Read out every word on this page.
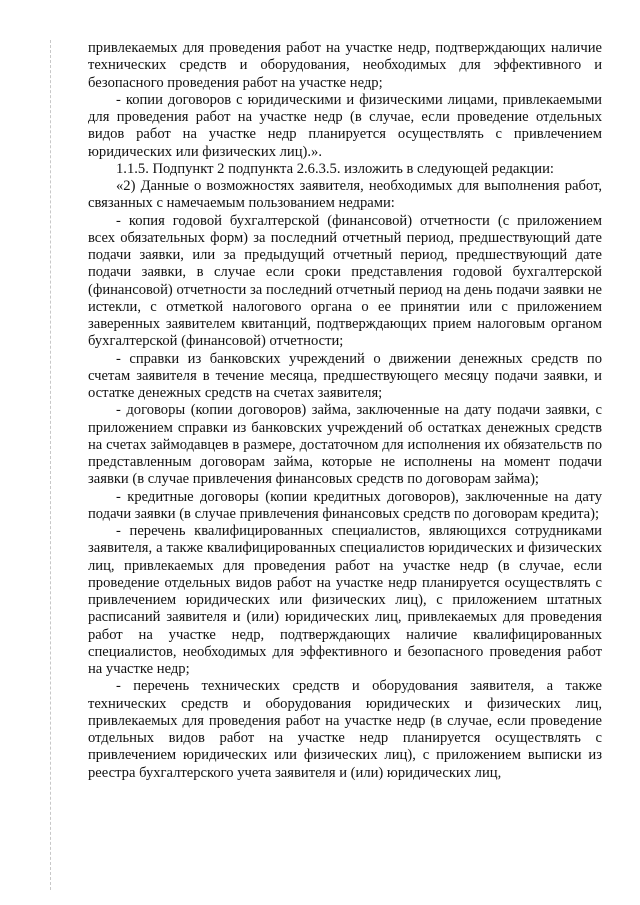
привлекаемых для проведения работ на участке недр, подтверждающих наличие технических средств и оборудования, необходимых для эффективного и безопасного проведения работ на участке недр;

- копии договоров с юридическими и физическими лицами, привлекаемыми для проведения работ на участке недр (в случае, если проведение отдельных видов работ на участке недр планируется осуществлять с привлечением юридических или физических лиц).».

1.1.5. Подпункт 2 подпункта 2.6.3.5. изложить в следующей редакции:

«2) Данные о возможностях заявителя, необходимых для выполнения работ, связанных с намечаемым пользованием недрами:

- копия годовой бухгалтерской (финансовой) отчетности (с приложением всех обязательных форм) за последний отчетный период, предшествующий дате подачи заявки, или за предыдущий отчетный период, предшествующий дате подачи заявки, в случае если сроки представления годовой бухгалтерской (финансовой) отчетности за последний отчетный период на день подачи заявки не истекли, с отметкой налогового органа о ее принятии или с приложением заверенных заявителем квитанций, подтверждающих прием налоговым органом бухгалтерской (финансовой) отчетности;

- справки из банковских учреждений о движении денежных средств по счетам заявителя в течение месяца, предшествующего месяцу подачи заявки, и остатке денежных средств на счетах заявителя;

- договоры (копии договоров) займа, заключенные на дату подачи заявки, с приложением справки из банковских учреждений об остатках денежных средств на счетах займодавцев в размере, достаточном для исполнения их обязательств по представленным договорам займа, которые не исполнены на момент подачи заявки (в случае привлечения финансовых средств по договорам займа);

- кредитные договоры (копии кредитных договоров), заключенные на дату подачи заявки (в случае привлечения финансовых средств по договорам кредита);

- перечень квалифицированных специалистов, являющихся сотрудниками заявителя, а также квалифицированных специалистов юридических и физических лиц, привлекаемых для проведения работ на участке недр (в случае, если проведение отдельных видов работ на участке недр планируется осуществлять с привлечением юридических или физических лиц), с приложением штатных расписаний заявителя и (или) юридических лиц, привлекаемых для проведения работ на участке недр, подтверждающих наличие квалифицированных специалистов, необходимых для эффективного и безопасного проведения работ на участке недр;

- перечень технических средств и оборудования заявителя, а также технических средств и оборудования юридических и физических лиц, привлекаемых для проведения работ на участке недр (в случае, если проведение отдельных видов работ на участке недр планируется осуществлять с привлечением юридических или физических лиц), с приложением выписки из реестра бухгалтерского учета заявителя и (или) юридических лиц,
